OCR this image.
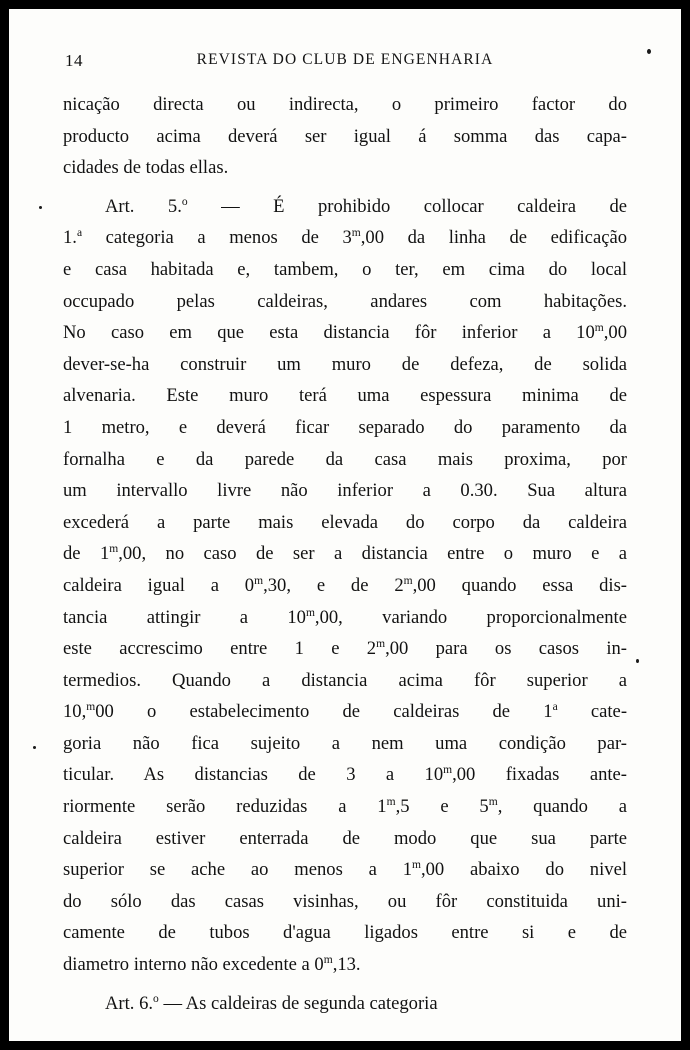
14	REVISTA DO CLUB DE ENGENHARIA

nicação directa ou indirecta, o primeiro factor do
producto acima deverá ser igual á somma das capa-
cidades de todas ellas.

Art. 5.$^o$ — É prohibido collocar caldeira de
1.$^a$ categoria a menos de 3$^m$,00 da linha de edificação
e casa habitada e, tambem, o ter, em cima do local
occupado pelas caldeiras, andares com habitações.
No caso em que esta distancia fôr inferior a 10$^m$,00
dever-se-ha construir um muro de defeza, de solida
alvenaria. Este muro terá uma espessura minima de
1 metro, e deverá ficar separado do paramento da
fornalha e da parede da casa mais proxima, por
um intervallo livre não inferior a 0.30. Sua altura
excederá a parte mais elevada do corpo da caldeira
de 1$^m$,00, no caso de ser a distancia entre o muro e a
caldeira igual a 0$^m$,30, e de 2$^m$,00 quando essa dis-
tancia attingir a 10$^m$,00, variando proporcionalmente
este accrescimo entre 1 e 2$^m$,00 para os casos in-
termedios. Quando a distancia acima fôr superior a
10,$^m$00 o estabelecimento de caldeiras de 1$^a$ cate-
goria não fica sujeito a nem uma condição par-
ticular. As distancias de 3 a 10$^m$,00 fixadas ante-
riormente serão reduzidas a 1$^m$,5 e 5$^m$, quando a
caldeira estiver enterrada de modo que sua parte
superior se ache ao menos a 1$^m$,00 abaixo do nivel
do sólo das casas visinhas, ou fôr constituida uni-
camente de tubos d'agua ligados entre si e de
diametro interno não excedente a 0$^m$,13.

Art. 6.$^o$ — As caldeiras de segunda categoria
